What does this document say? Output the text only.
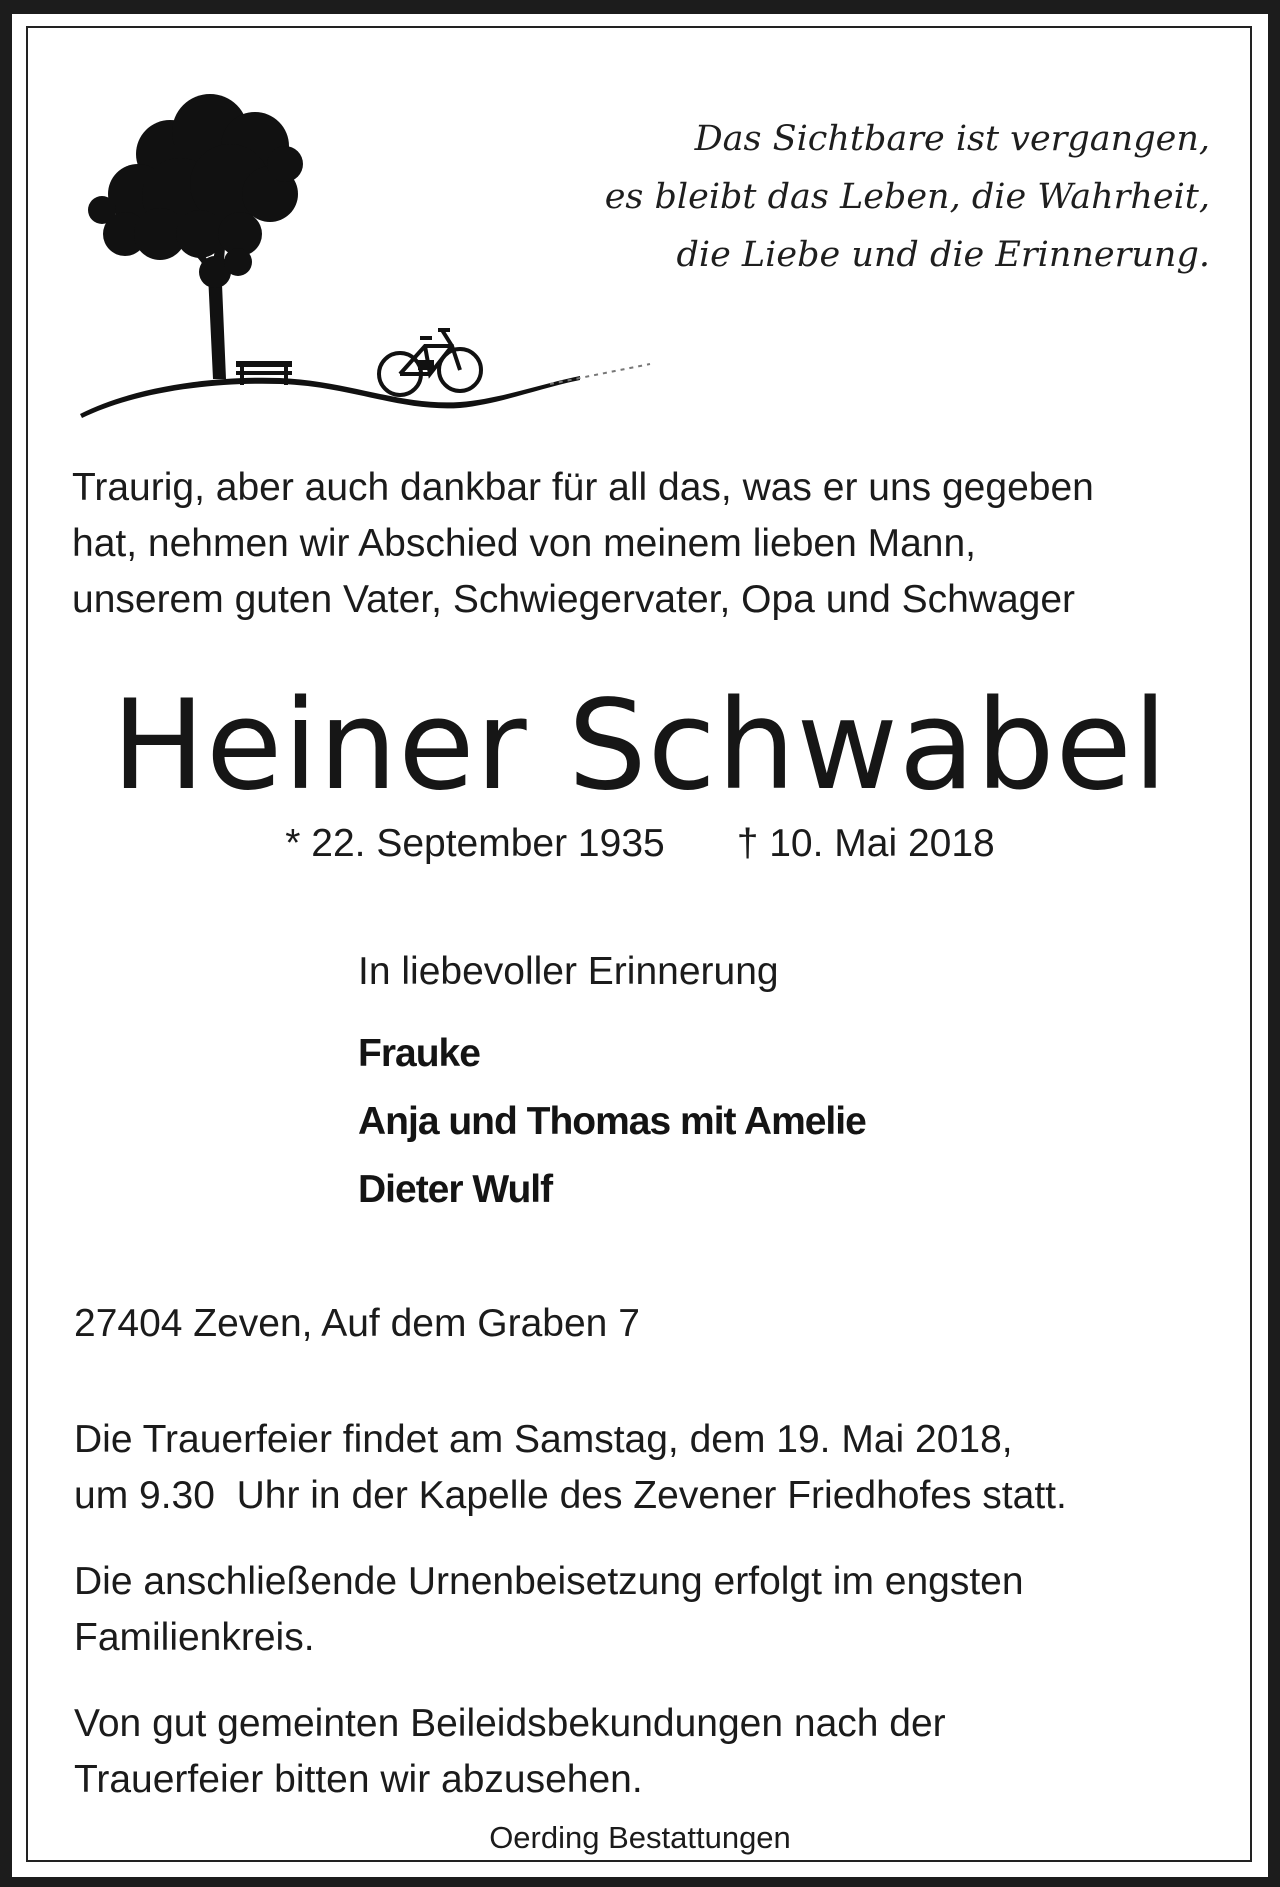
Das Sichtbare ist vergangen,
es bleibt das Leben, die Wahrheit,
die Liebe und die Erinnerung.
Traurig, aber auch dankbar für all das, was er uns gegeben
hat, nehmen wir Abschied von meinem lieben Mann,
unserem guten Vater, Schwiegervater, Opa und Schwager
Heiner Schwabel
* 22. September 1935 † 10. Mai 2018
In liebevoller Erinnerung
Frauke
Anja und Thomas mit Amelie
Dieter Wulf
27404 Zeven, Auf dem Graben 7
Die Trauerfeier findet am Samstag, dem 19. Mai 2018,
um 9.30  Uhr in der Kapelle des Zevener Friedhofes statt.
Die anschließende Urnenbeisetzung erfolgt im engsten
Familienkreis.
Von gut gemeinten Beileidsbekundungen nach der
Trauerfeier bitten wir abzusehen.
Oerding Bestattungen
